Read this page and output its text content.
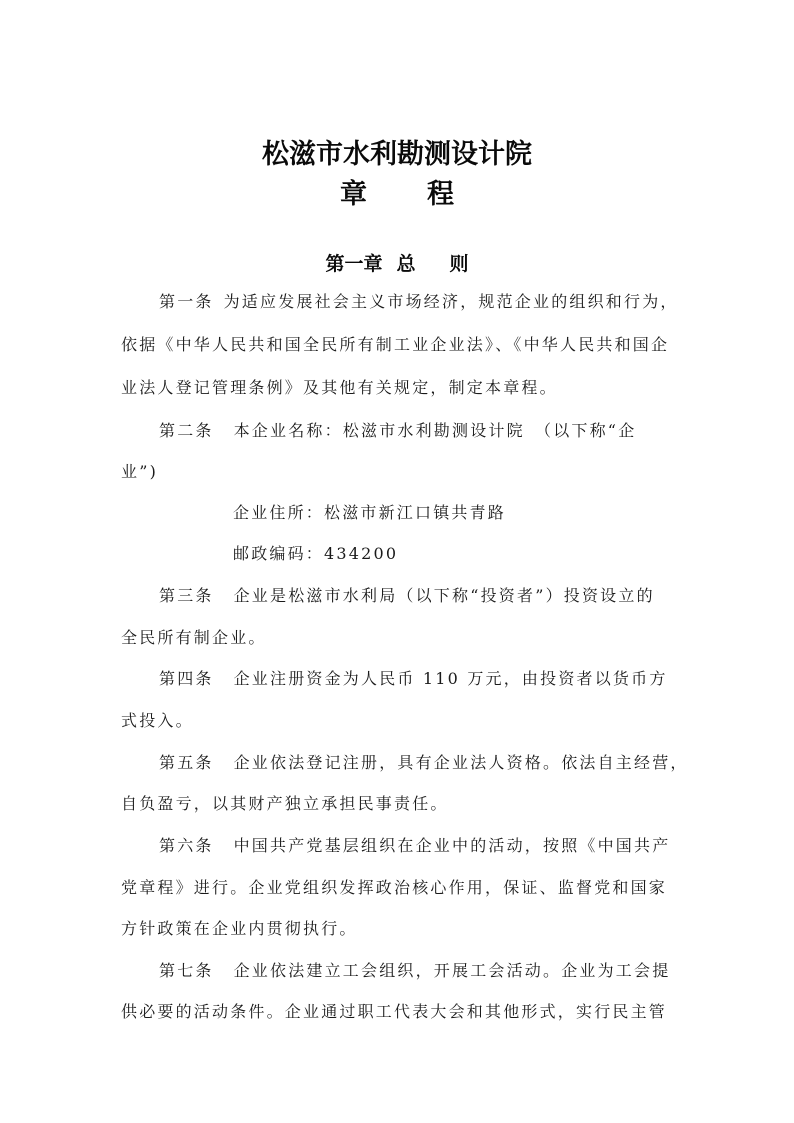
松滋市水利勘测设计院
章 程
第一章 总 则
第一条 为适应发展社会主义市场经济，规范企业的组织和行为，
依据《中华人民共和国全民所有制工业企业法》、《中华人民共和国企
业法人登记管理条例》及其他有关规定，制定本章程。
第二条 本企业名称：松滋市水利勘测设计院　（以下称“企
业”)
企业住所：松滋市新江口镇共青路
邮政编码：434200
第三条 企业是松滋市水利局（以下称“投资者”）投资设立的
全民所有制企业。
第四条 企业注册资金为人民币 110 万元，由投资者以货币方
式投入。
第五条 企业依法登记注册，具有企业法人资格。依法自主经营，
自负盈亏，以其财产独立承担民事责任。
第六条 中国共产党基层组织在企业中的活动，按照《中国共产
党章程》进行。企业党组织发挥政治核心作用，保证、监督党和国家
方针政策在企业内贯彻执行。
第七条 企业依法建立工会组织，开展工会活动。企业为工会提
供必要的活动条件。企业通过职工代表大会和其他形式，实行民主管
